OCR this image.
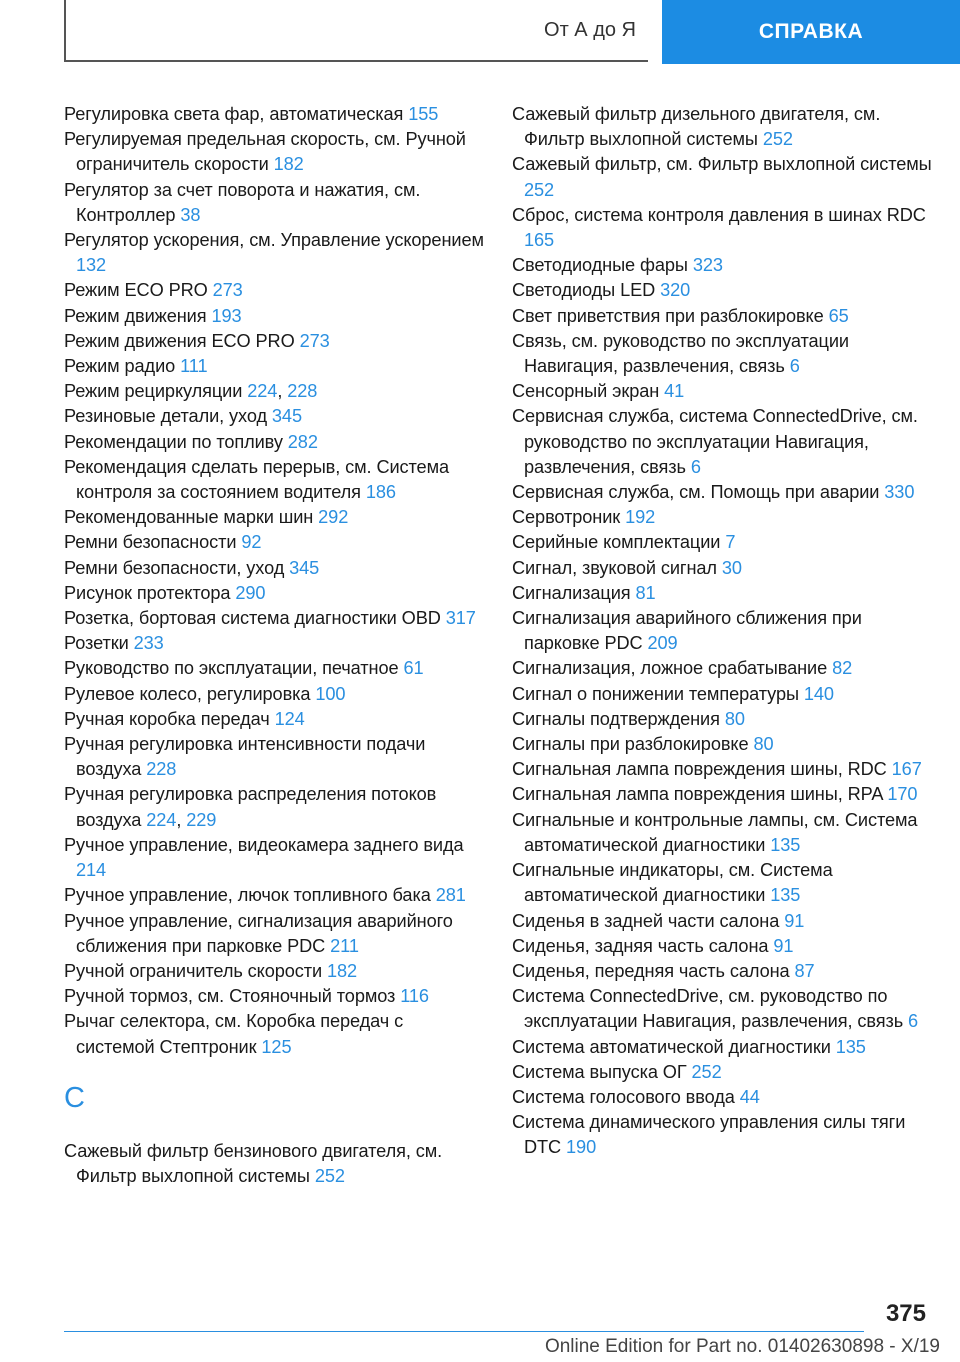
От А до Я	СПРАВКА
Регулировка света фар, автоматическая 155
Регулируемая предельная скорость, см. Ручной ограничитель скорости 182
Регулятор за счет поворота и нажатия, см. Контроллер 38
Регулятор ускорения, см. Управление ускорением 132
Режим ECO PRO 273
Режим движения 193
Режим движения ECO PRO 273
Режим радио 111
Режим рециркуляции 224, 228
Резиновые детали, уход 345
Рекомендации по топливу 282
Рекомендация сделать перерыв, см. Система контроля за состоянием водителя 186
Рекомендованные марки шин 292
Ремни безопасности 92
Ремни безопасности, уход 345
Рисунок протектора 290
Розетка, бортовая система диагностики OBD 317
Розетки 233
Руководство по эксплуатации, печатное 61
Рулевое колесо, регулировка 100
Ручная коробка передач 124
Ручная регулировка интенсивности подачи воздуха 228
Ручная регулировка распределения потоков воздуха 224, 229
Ручное управление, видеокамера заднего вида 214
Ручное управление, лючок топливного бака 281
Ручное управление, сигнализация аварийного сближения при парковке PDC 211
Ручной ограничитель скорости 182
Ручной тормоз, см. Стояночный тормоз 116
Рычаг селектора, см. Коробка передач с системой Стептроник 125
С
Сажевый фильтр бензинового двигателя, см. Фильтр выхлопной системы 252
Сажевый фильтр дизельного двигателя, см. Фильтр выхлопной системы 252
Сажевый фильтр, см. Фильтр выхлопной системы 252
Сброс, система контроля давления в шинах RDC 165
Светодиодные фары 323
Светодиоды LED 320
Свет приветствия при разблокировке 65
Связь, см. руководство по эксплуатации Навигация, развлечения, связь 6
Сенсорный экран 41
Сервисная служба, система ConnectedDrive, см. руководство по эксплуатации Навигация, развлечения, связь 6
Сервисная служба, см. Помощь при аварии 330
Сервотроник 192
Серийные комплектации 7
Сигнал, звуковой сигнал 30
Сигнализация 81
Сигнализация аварийного сближения при парковке PDC 209
Сигнализация, ложное срабатывание 82
Сигнал о понижении температуры 140
Сигналы подтверждения 80
Сигналы при разблокировке 80
Сигнальная лампа повреждения шины, RDC 167
Сигнальная лампа повреждения шины, RPA 170
Сигнальные и контрольные лампы, см. Система автоматической диагностики 135
Сигнальные индикаторы, см. Система автоматической диагностики 135
Сиденья в задней части салона 91
Сиденья, задняя часть салона 91
Сиденья, передняя часть салона 87
Система ConnectedDrive, см. руководство по эксплуатации Навигация, развлечения, связь 6
Система автоматической диагностики 135
Система выпуска ОГ 252
Система голосового ввода 44
Система динамического управления силы тяги DTC 190
375
Online Edition for Part no. 01402630898 - X/19
